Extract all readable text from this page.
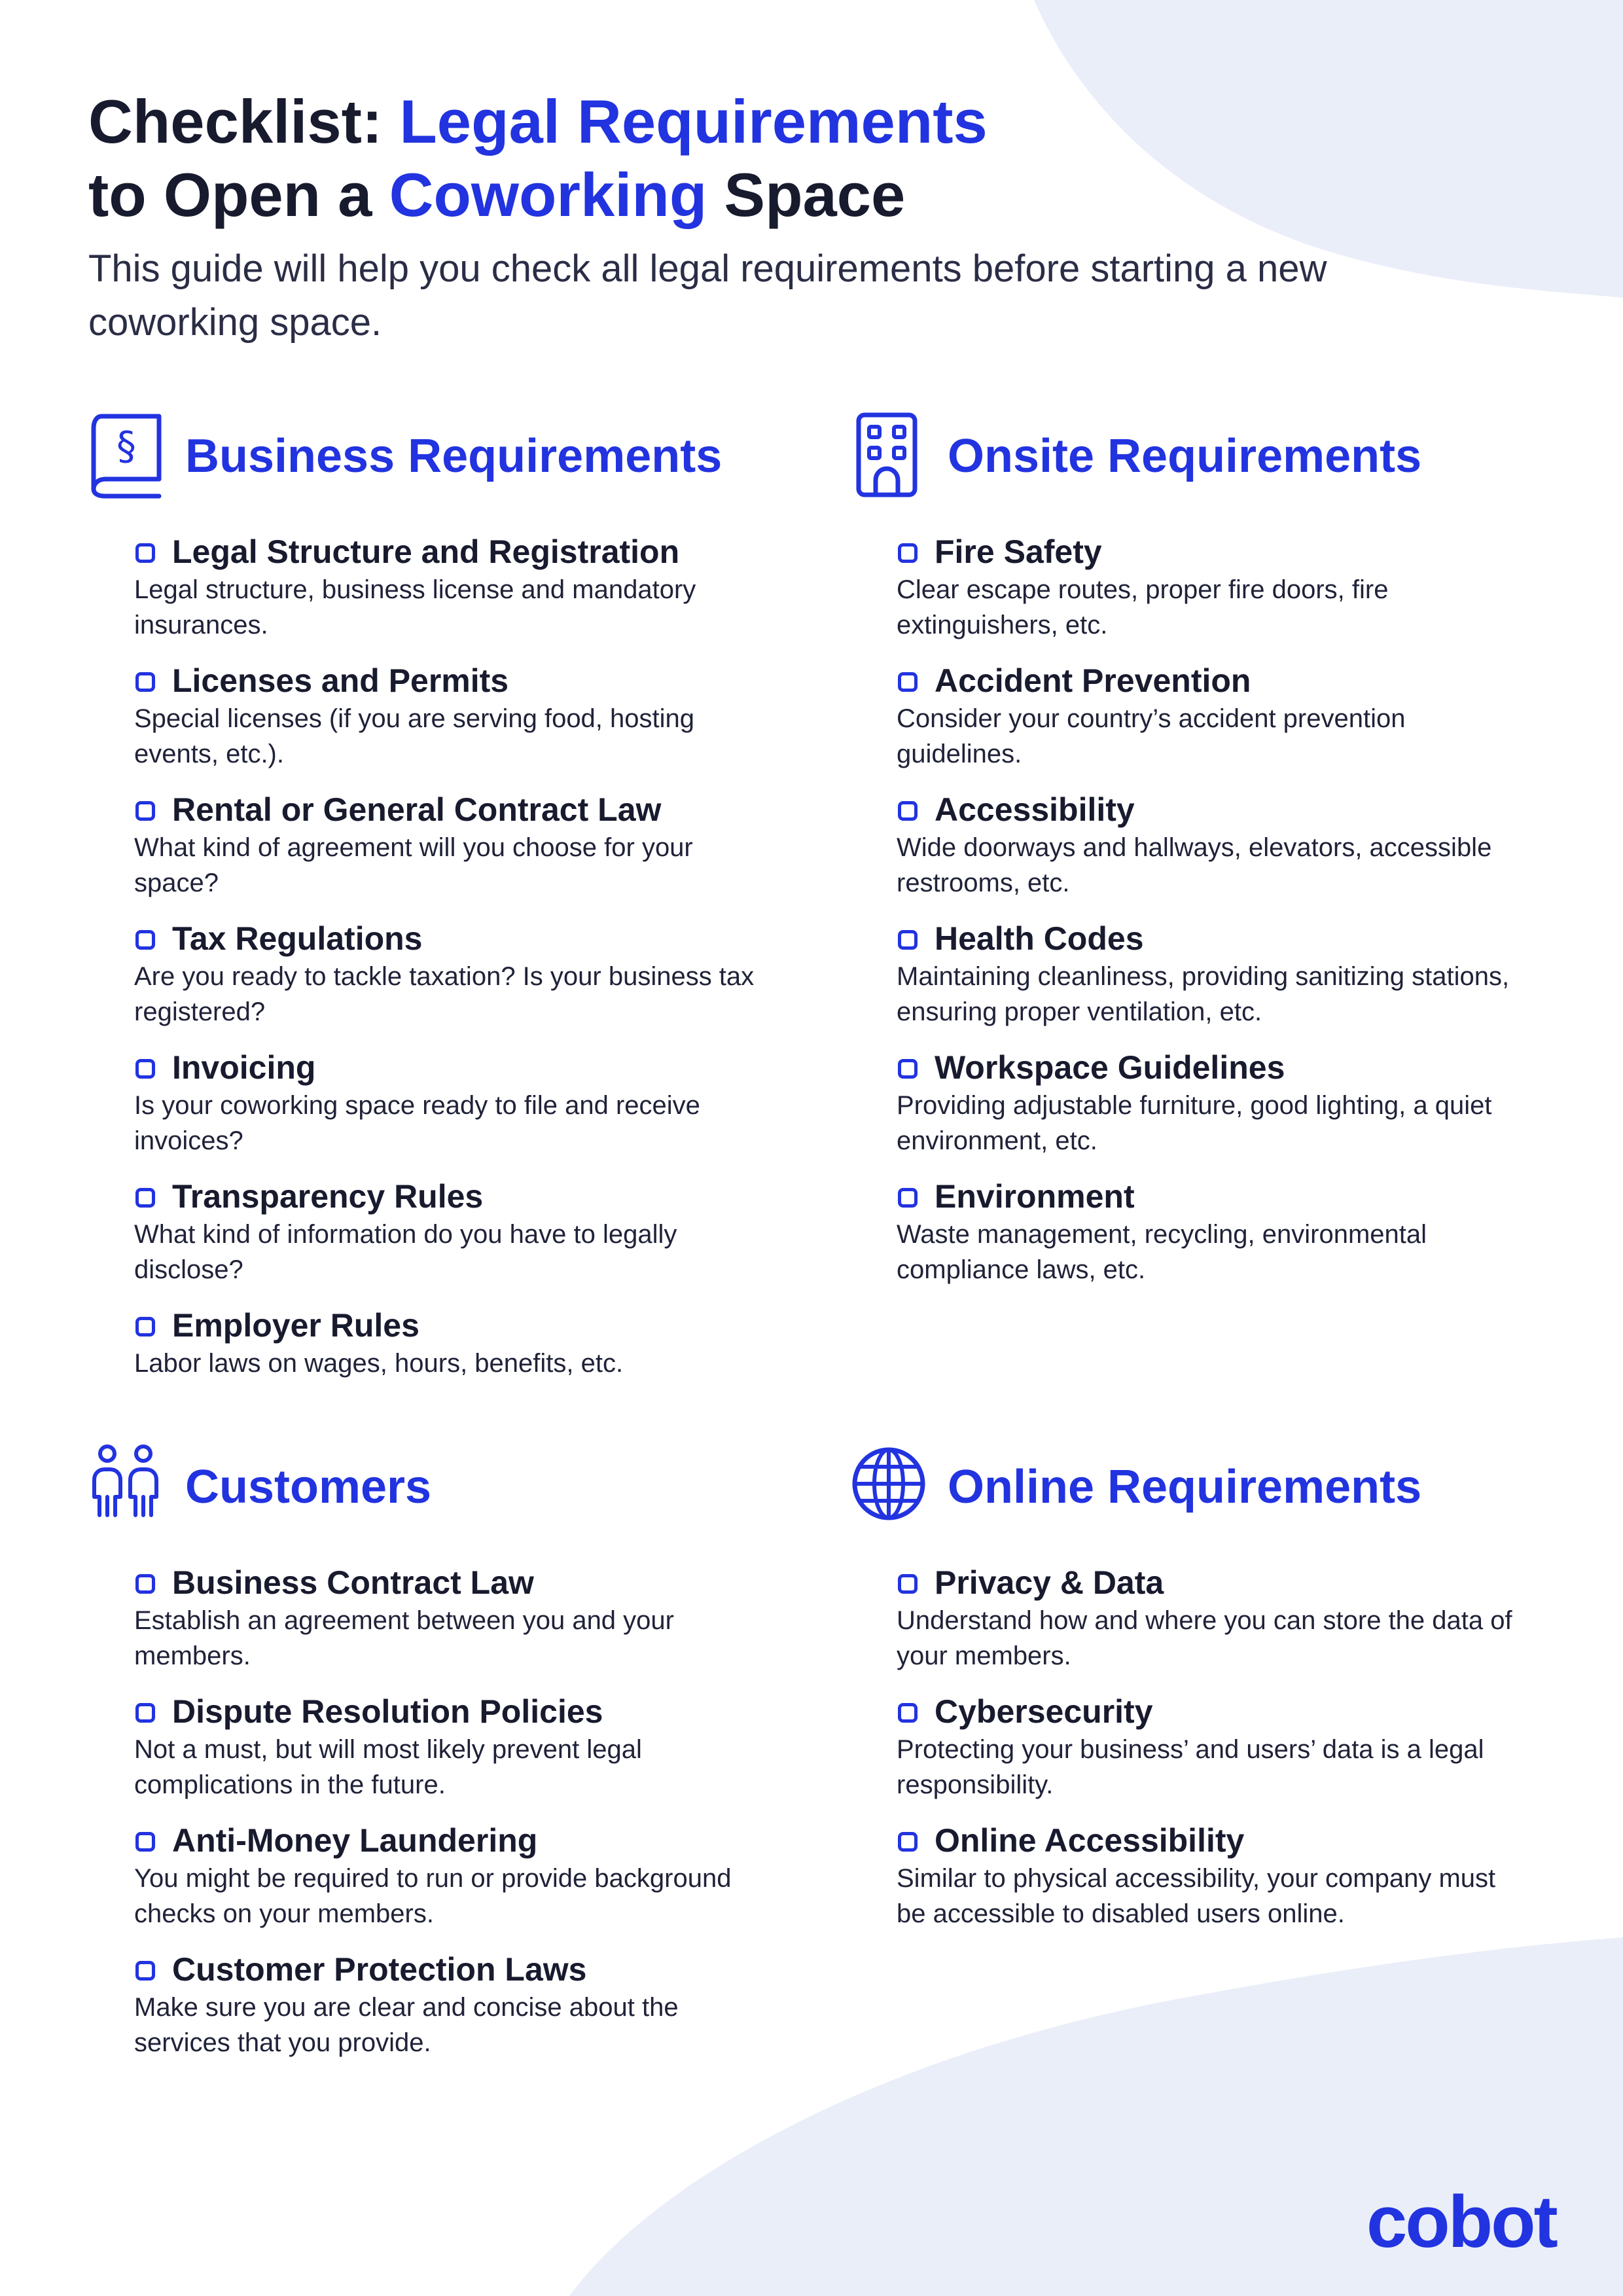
Checklist: Legal Requirements
to Open a Coworking Space

This guide will help you check all legal requirements before starting a new coworking space.

§ Business Requirements
Legal Structure and Registration
Legal structure, business license and mandatory insurances.
Licenses and Permits
Special licenses (if you are serving food, hosting events, etc.).
Rental or General Contract Law
What kind of agreement will you choose for your space?
Tax Regulations
Are you ready to tackle taxation? Is your business tax registered?
Invoicing
Is your coworking space ready to file and receive invoices?
Transparency Rules
What kind of information do you have to legally disclose?
Employer Rules
Labor laws on wages, hours, benefits, etc.
Onsite Requirements
Fire Safety
Clear escape routes, proper fire doors, fire extinguishers, etc.
Accident Prevention
Consider your country’s accident prevention guidelines.
Accessibility
Wide doorways and hallways, elevators, accessible restrooms, etc.
Health Codes
Maintaining cleanliness, providing sanitizing stations, ensuring proper ventilation, etc.
Workspace Guidelines
Providing adjustable furniture, good lighting, a quiet environment, etc.
Environment
Waste management, recycling, environmental compliance laws, etc.
Customers
Business Contract Law
Establish an agreement between you and your members.
Dispute Resolution Policies
Not a must, but will most likely prevent legal complications in the future.
Anti-Money Laundering
You might be required to run or provide background checks on your members.
Customer Protection Laws
Make sure you are clear and concise about the services that you provide.
Online Requirements
Privacy & Data
Understand how and where you can store the data of your members.
Cybersecurity
Protecting your business’ and users’ data is a legal responsibility.
Online Accessibility
Similar to physical accessibility, your company must be accessible to disabled users online.
cobot
